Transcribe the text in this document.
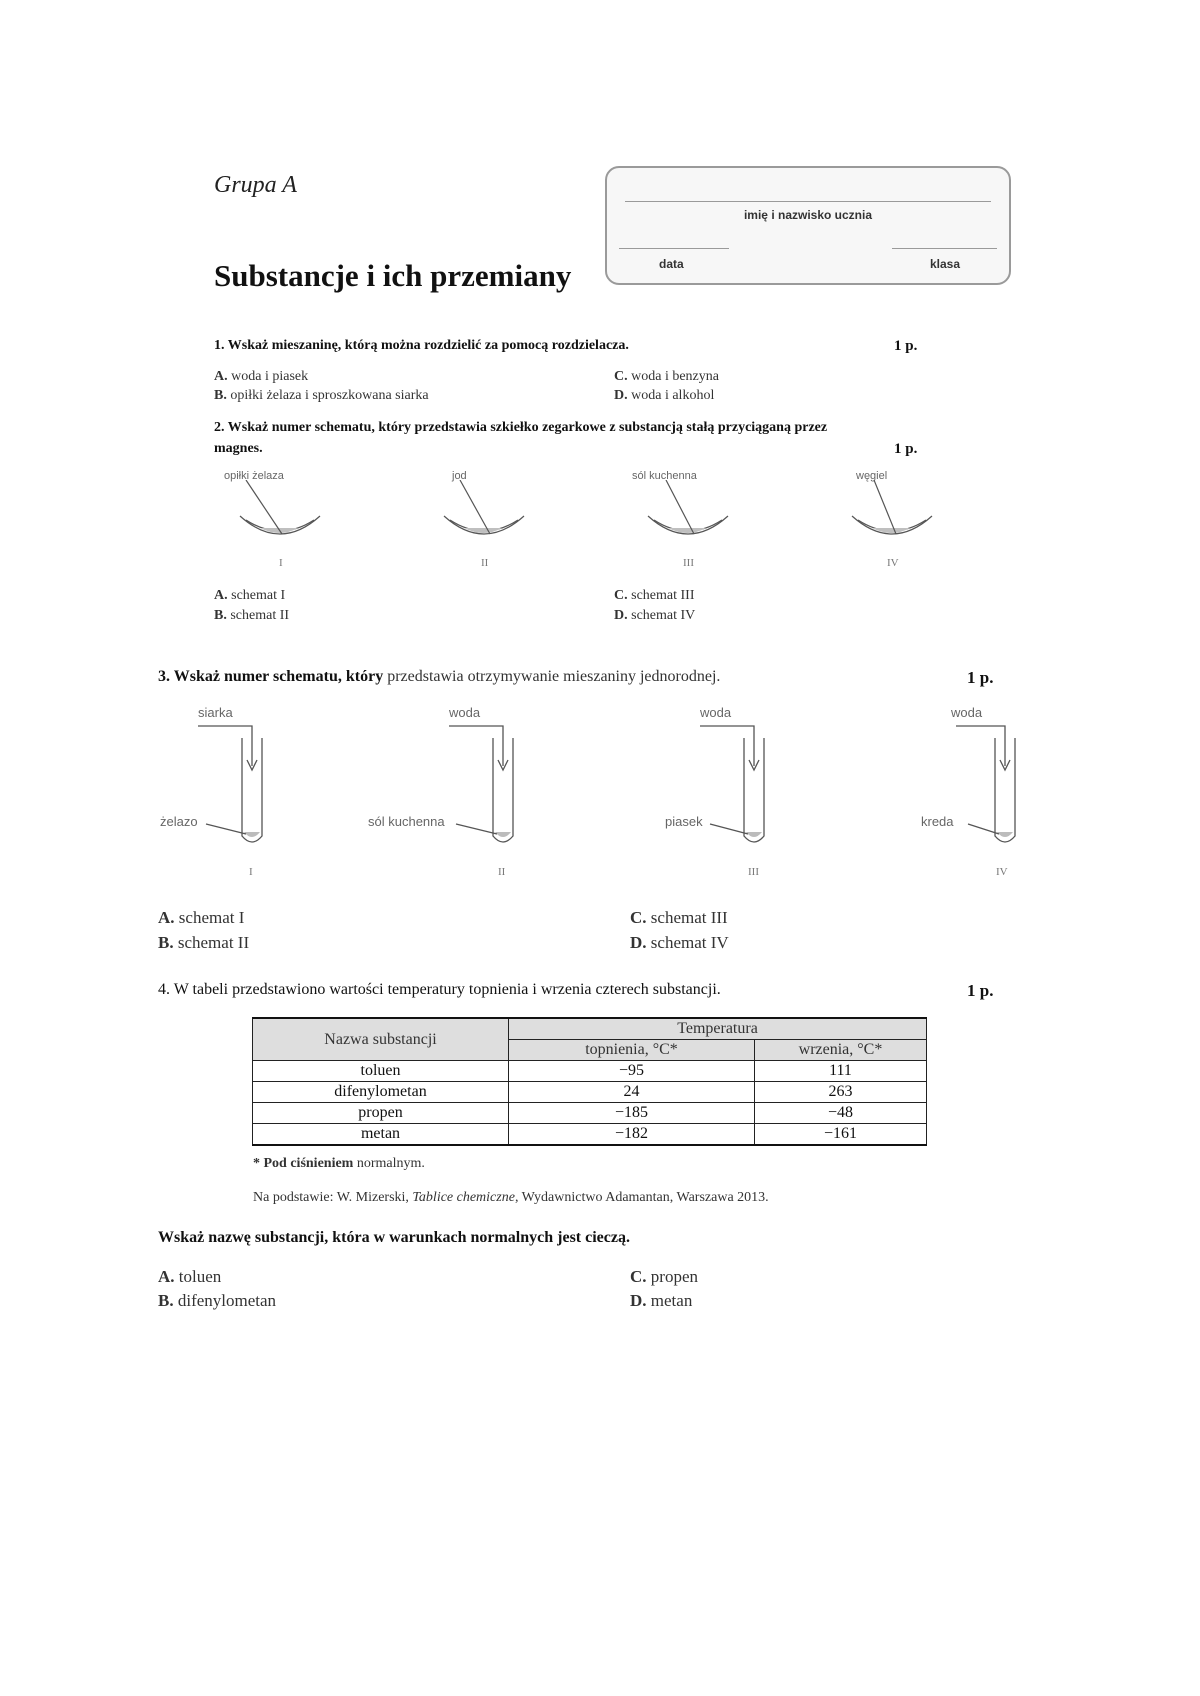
Grupa A
Substancje i ich przemiany
imię i nazwisko ucznia
data	klasa
1. Wskaż mieszaninę, którą można rozdzielić za pomocą rozdzielacza.	1 p.
A. woda i piasek
B. opiłki żelaza i sproszkowana siarka
C. woda i benzyna
D. woda i alkohol
2. Wskaż numer schematu, który przedstawia szkiełko zegarkowe z substancją stałą przyciąganą przez
magnes.	1 p.
opiłki żelaza	jod	sól kuchenna	węgiel
I	II	III	IV
A. schemat I
B. schemat II
C. schemat III
D. schemat IV
3. Wskaż numer schematu, który przedstawia otrzymywanie mieszaniny jednorodnej.	1 p.
siarka	woda	woda	woda
żelazo	sól kuchenna	piasek	kreda
I	II	III	IV
A. schemat I
B. schemat II
C. schemat III
D. schemat IV
4. W tabeli przedstawiono wartości temperatury topnienia i wrzenia czterech substancji.	1 p.
Nazwa substancji	Temperatura	
	topnienia, °C*	wrzenia, °C*
toluen	−95	111
difenylometan	24	263
propen	−185	−48
metan	−182	−161
* Pod ciśnieniem normalnym.
Na podstawie: W. Mizerski, Tablice chemiczne, Wydawnictwo Adamantan, Warszawa 2013.
Wskaż nazwę substancji, która w warunkach normalnych jest cieczą.
A. toluen
B. difenylometan
C. propen
D. metan
